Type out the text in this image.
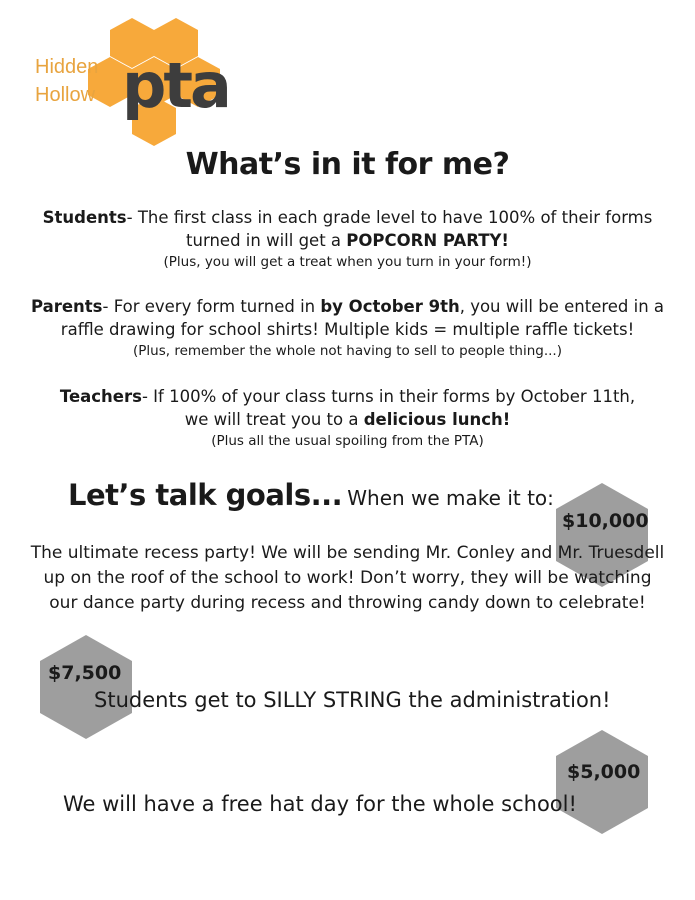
Hidden
Hollow pta
What’s in it for me?
Students- The first class in each grade level to have 100% of their forms
turned in will get a POPCORN PARTY!
(Plus, you will get a treat when you turn in your form!)
Parents- For every form turned in by October 9th, you will be entered in a
raffle drawing for school shirts! Multiple kids = multiple raffle tickets!
(Plus, remember the whole not having to sell to people thing...)
Teachers- If 100% of your class turns in their forms by October 11th,
we will treat you to a delicious lunch!
(Plus all the usual spoiling from the PTA)
Let’s talk goals... When we make it to:
$10,000
The ultimate recess party! We will be sending Mr. Conley and Mr. Truesdell
up on the roof of the school to work! Don’t worry, they will be watching
our dance party during recess and throwing candy down to celebrate!
$7,500
Students get to SILLY STRING the administration!
$5,000
We will have a free hat day for the whole school!
